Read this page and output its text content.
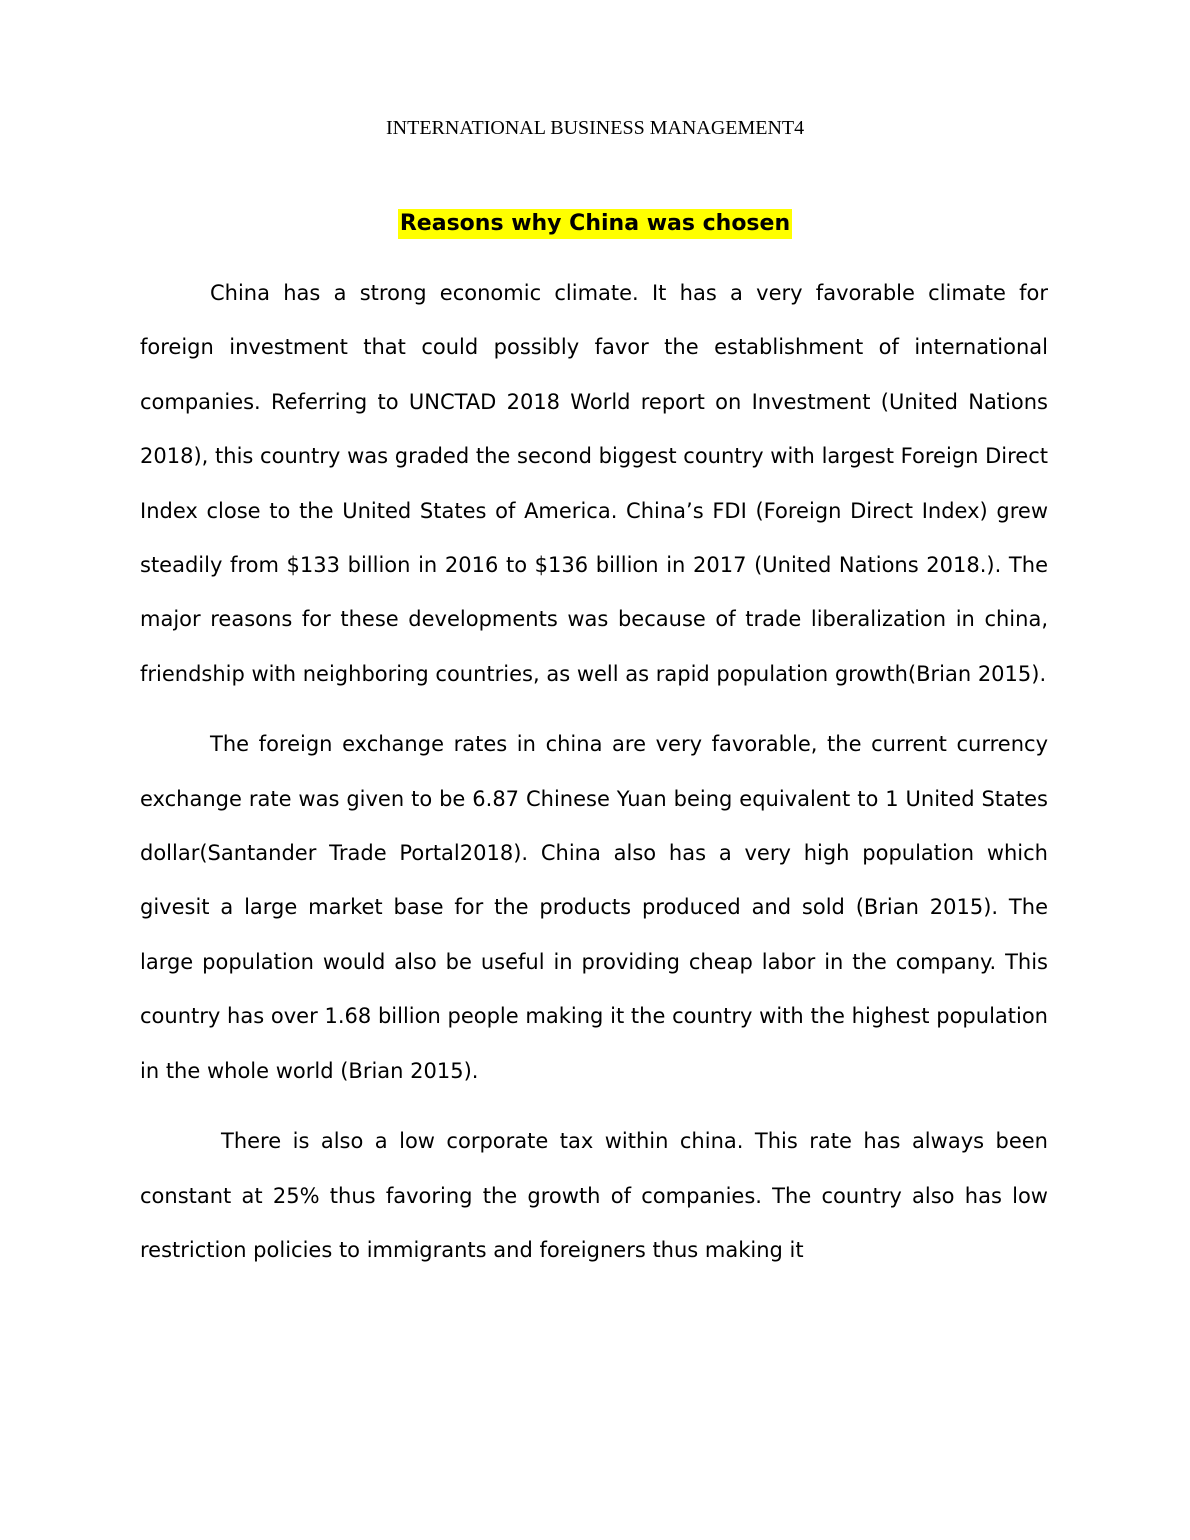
INTERNATIONAL BUSINESS MANAGEMENT4
Reasons why China was chosen

China has a strong economic climate. It has a very favorable climate for foreign investment that could possibly favor the establishment of international companies. Referring to UNCTAD 2018 World report on Investment (United Nations 2018), this country was graded the second biggest country with largest Foreign Direct Index close to the United States of America. China’s FDI (Foreign Direct Index) grew steadily from $133 billion in 2016 to $136 billion in 2017 (United Nations 2018.). The major reasons for these developments was because of trade liberalization in china, friendship with neighboring countries, as well as rapid population growth(Brian 2015).

The foreign exchange rates in china are very favorable, the current currency exchange rate was given to be 6.87 Chinese Yuan being equivalent to 1 United States dollar(Santander Trade Portal2018). China also has a very high population which givesit a large market base for the products produced and sold (Brian 2015). The large population would also be useful in providing cheap labor in the company. This country has over 1.68 billion people making it the country with the highest population in the whole world (Brian 2015).

There is also a low corporate tax within china. This rate has always been constant at 25% thus favoring the growth of companies. The country also has low restriction policies to immigrants and foreigners thus making it
